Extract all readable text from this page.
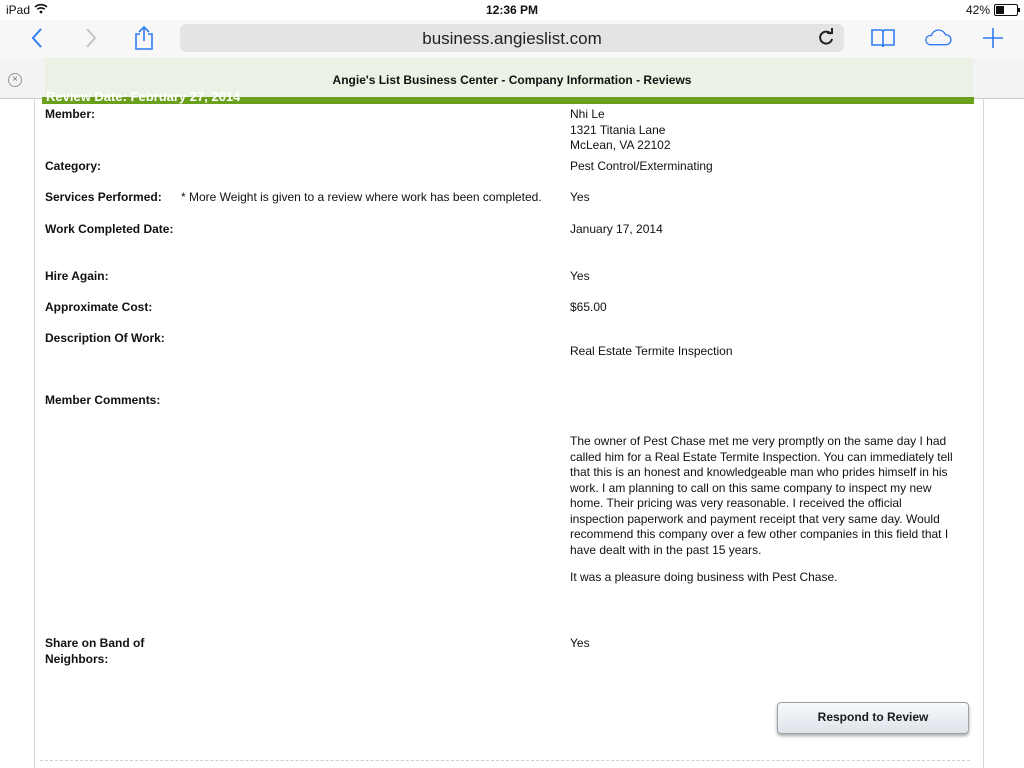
iPad	12:36 PM	42%
business.angieslist.com
×	Angie's List Business Center - Company Information - Reviews
Review Date: February 27, 2014
Member:	Nhi Le
1321 Titania Lane
McLean, VA 22102
Category:	Pest Control/Exterminating
Services Performed:	* More Weight is given to a review where work has been completed. Yes
Work Completed Date:	January 17, 2014
Hire Again:	Yes
Approximate Cost:	$65.00
Description Of Work:
Real Estate Termite Inspection
Member Comments:
The owner of Pest Chase met me very promptly on the same day I had called him for a Real Estate Termite Inspection. You can immediately tell that this is an honest and knowledgeable man who prides himself in his work. I am planning to call on this same company to inspect my new home. Their pricing was very reasonable. I received the official inspection paperwork and payment receipt that very same day. Would recommend this company over a few other companies in this field that I have dealt with in the past 15 years.
It was a pleasure doing business with Pest Chase.
Share on Band of Neighbors:
Yes
Respond to Review
